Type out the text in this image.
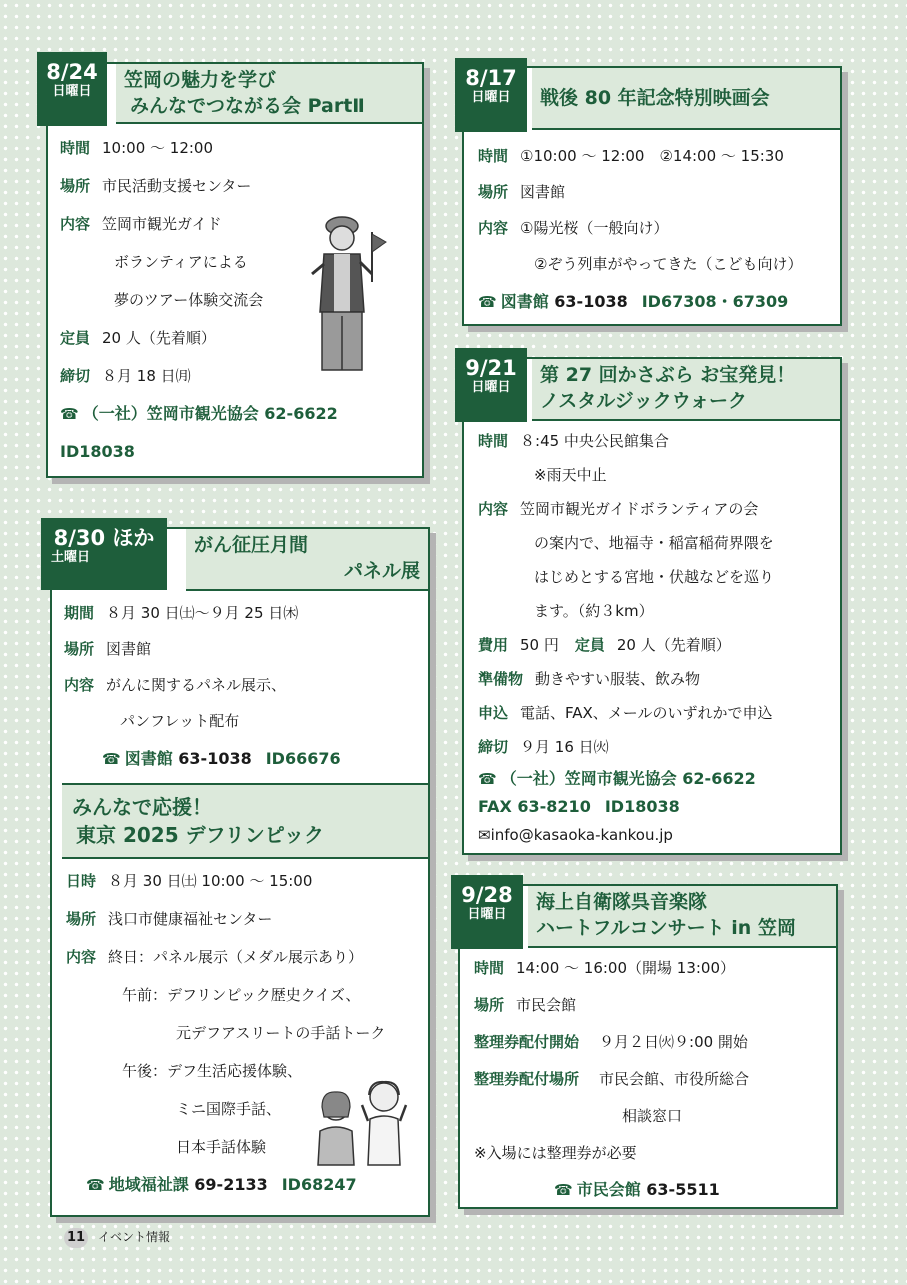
笠岡の魅力を学び
みんなでつながる会 PartⅡ
時間 10:00 ～ 12:00
場所 市民活動支援センター
内容 笠岡市観光ガイド
ボランティアによる
夢のツアー体験交流会
定員 20 人（先着順）
締切 ８月 18 日㈪
☎ （一社）笠岡市観光協会 62-6622
ID18038
8/24
日曜日	戦後 80 年記念特別映画会
時間 ①10:00 ～ 12:00　②14:00 ～ 15:30
場所 図書館
内容 ①陽光桜（一般向け）
②ぞう列車がやってきた（こども向け）
☎ 図書館 63-1038 ID67308・67309
8/17
日曜日
がん征圧月間
パネル展
期間 ８月 30 日㈯～９月 25 日㈭
場所 図書館
内容 がんに関するパネル展示、
パンフレット配布
☎ 図書館 63-1038 ID66676
みんなで応援！
東京 2025 デフリンピック
日時 ８月 30 日㈯ 10:00 ～ 15:00
場所 浅口市健康福祉センター
内容 終日：パネル展示（メダル展示あり）
午前：デフリンピック歴史クイズ、
元デフアスリートの手話トーク
午後：デフ生活応援体験、
ミニ国際手話、
日本手話体験
☎ 地域福祉課 69-2133 ID68247
8/30 ほか
土曜日
第 27 回かさぶら お宝発見！
ノスタルジックウォーク
時間 ８:45 中央公民館集合
※雨天中止
内容 笠岡市観光ガイドボランティアの会
の案内で、地福寺・稲富稲荷界隈を
はじめとする宮地・伏越などを巡り
ます。（約３km）
費用 50 円 定員 20 人（先着順）
準備物 動きやすい服装、飲み物
申込 電話、FAX、メールのいずれかで申込
締切 ９月 16 日㈫
☎ （一社）笠岡市観光協会 62-6622
FAX 63-8210 ID18038
✉info@kasaoka-kankou.jp
9/21
日曜日
海上自衛隊呉音楽隊
ハートフルコンサート in 笠岡
時間 14:00 ～ 16:00（開場 13:00）
場所 市民会館
整理券配付開始 ９月２日㈫９:00 開始
整理券配付場所 市民会館、市役所総合
相談窓口
※入場には整理券が必要
☎ 市民会館 63-5511
9/28
日曜日
11 イベント情報
